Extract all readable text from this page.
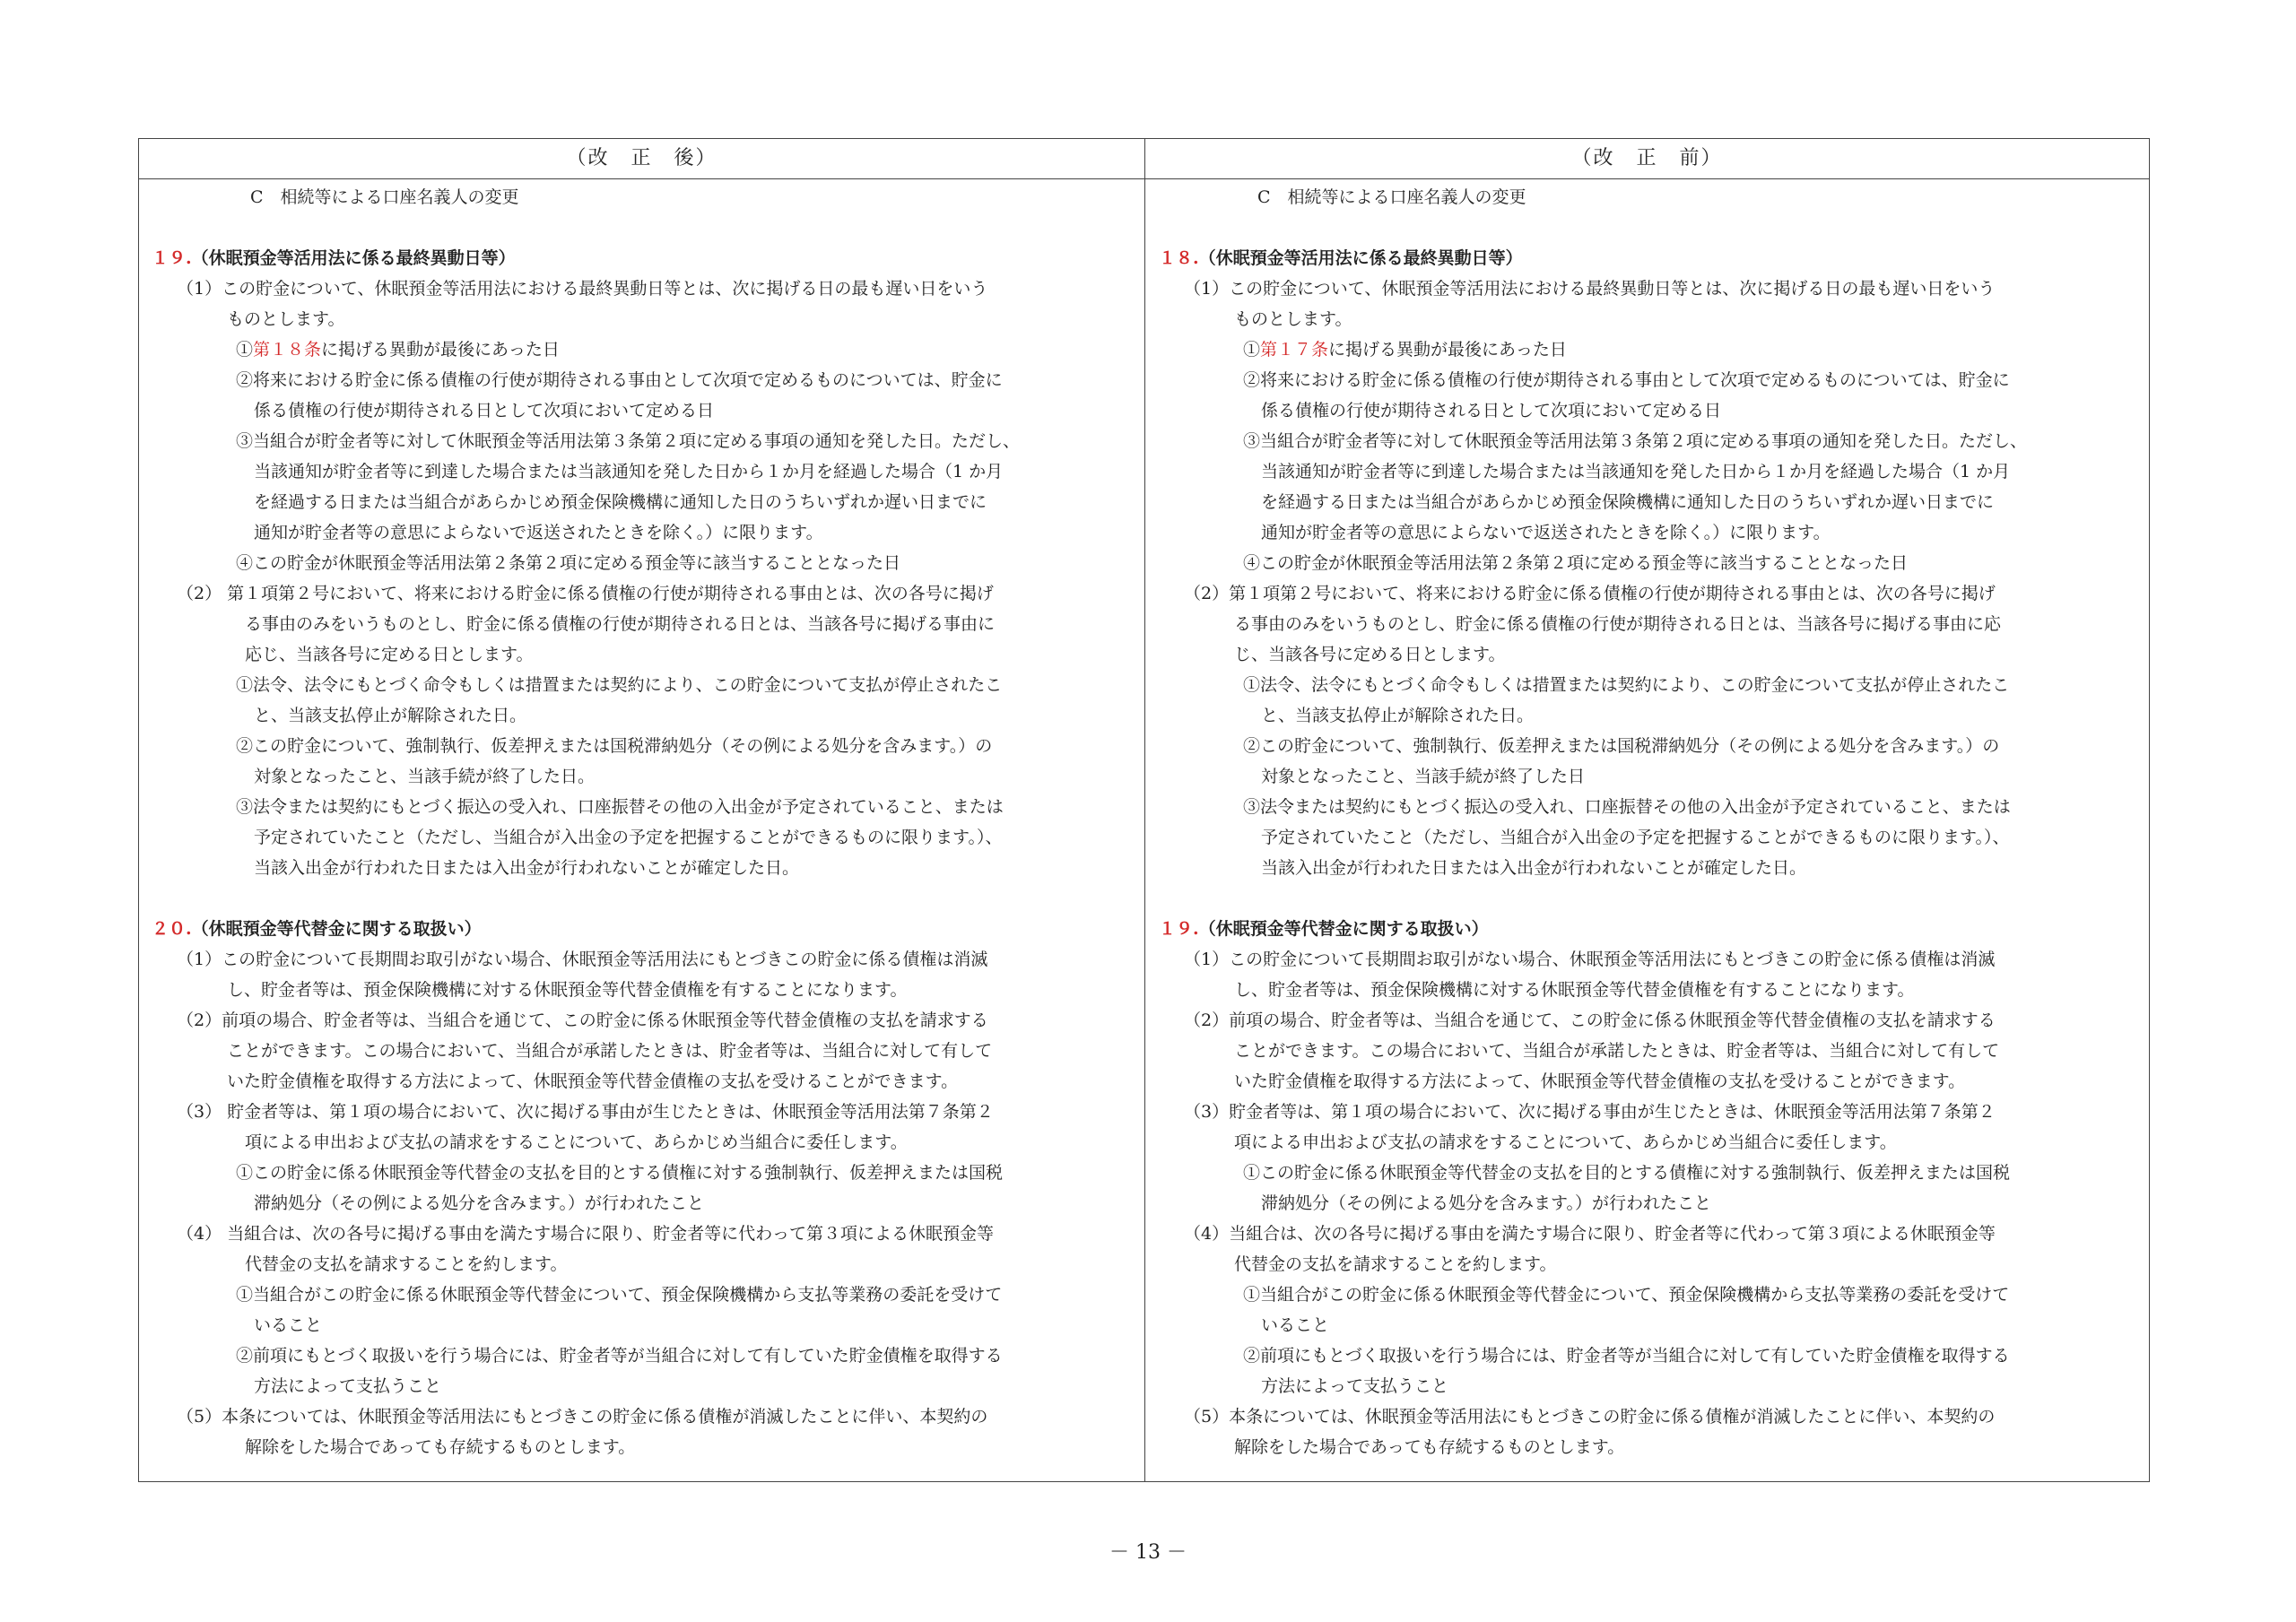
（改　正　後）	（改　正　前）
C　相続等による口座名義人の変更
１９.（休眠預金等活用法に係る最終異動日等）
（1）この貯金について、休眠預金等活用法における最終異動日等とは、次に掲げる日の最も遅い日をいう
ものとします。
①第１８条に掲げる異動が最後にあった日
②将来における貯金に係る債権の行使が期待される事由として次項で定めるものについては、貯金に
係る債権の行使が期待される日として次項において定める日
③当組合が貯金者等に対して休眠預金等活用法第３条第２項に定める事項の通知を発した日。ただし、
当該通知が貯金者等に到達した場合または当該通知を発した日から１か月を経過した場合（1 か月
を経過する日または当組合があらかじめ預金保険機構に通知した日のうちいずれか遅い日までに
通知が貯金者等の意思によらないで返送されたときを除く。）に限ります。
④この貯金が休眠預金等活用法第２条第２項に定める預金等に該当することとなった日
（2） 第１項第２号において、将来における貯金に係る債権の行使が期待される事由とは、次の各号に掲げ
る事由のみをいうものとし、貯金に係る債権の行使が期待される日とは、当該各号に掲げる事由に
応じ、当該各号に定める日とします。
①法令、法令にもとづく命令もしくは措置または契約により、この貯金について支払が停止されたこ
と、当該支払停止が解除された日。
②この貯金について、強制執行、仮差押えまたは国税滞納処分（その例による処分を含みます。）の
対象となったこと、当該手続が終了した日。
③法令または契約にもとづく振込の受入れ、口座振替その他の入出金が予定されていること、または
予定されていたこと（ただし、当組合が入出金の予定を把握することができるものに限ります。）、
当該入出金が行われた日または入出金が行われないことが確定した日。
２０.（休眠預金等代替金に関する取扱い）
（1）この貯金について長期間お取引がない場合、休眠預金等活用法にもとづきこの貯金に係る債権は消滅
し、貯金者等は、預金保険機構に対する休眠預金等代替金債権を有することになります。
（2）前項の場合、貯金者等は、当組合を通じて、この貯金に係る休眠預金等代替金債権の支払を請求する
ことができます。この場合において、当組合が承諾したときは、貯金者等は、当組合に対して有して
いた貯金債権を取得する方法によって、休眠預金等代替金債権の支払を受けることができます。
（3） 貯金者等は、第１項の場合において、次に掲げる事由が生じたときは、休眠預金等活用法第７条第２
項による申出および支払の請求をすることについて、あらかじめ当組合に委任します。
①この貯金に係る休眠預金等代替金の支払を目的とする債権に対する強制執行、仮差押えまたは国税
滞納処分（その例による処分を含みます。）が行われたこと
（4） 当組合は、次の各号に掲げる事由を満たす場合に限り、貯金者等に代わって第３項による休眠預金等
代替金の支払を請求することを約します。
①当組合がこの貯金に係る休眠預金等代替金について、預金保険機構から支払等業務の委託を受けて
いること
②前項にもとづく取扱いを行う場合には、貯金者等が当組合に対して有していた貯金債権を取得する
方法によって支払うこと
（5）本条については、休眠預金等活用法にもとづきこの貯金に係る債権が消滅したことに伴い、本契約の
解除をした場合であっても存続するものとします。
C　相続等による口座名義人の変更
１８.（休眠預金等活用法に係る最終異動日等）
（1）この貯金について、休眠預金等活用法における最終異動日等とは、次に掲げる日の最も遅い日をいう
ものとします。
①第１７条に掲げる異動が最後にあった日
②将来における貯金に係る債権の行使が期待される事由として次項で定めるものについては、貯金に
係る債権の行使が期待される日として次項において定める日
③当組合が貯金者等に対して休眠預金等活用法第３条第２項に定める事項の通知を発した日。ただし、
当該通知が貯金者等に到達した場合または当該通知を発した日から１か月を経過した場合（1 か月
を経過する日または当組合があらかじめ預金保険機構に通知した日のうちいずれか遅い日までに
通知が貯金者等の意思によらないで返送されたときを除く。）に限ります。
④この貯金が休眠預金等活用法第２条第２項に定める預金等に該当することとなった日
（2）第１項第２号において、将来における貯金に係る債権の行使が期待される事由とは、次の各号に掲げ
る事由のみをいうものとし、貯金に係る債権の行使が期待される日とは、当該各号に掲げる事由に応
じ、当該各号に定める日とします。
①法令、法令にもとづく命令もしくは措置または契約により、この貯金について支払が停止されたこ
と、当該支払停止が解除された日。
②この貯金について、強制執行、仮差押えまたは国税滞納処分（その例による処分を含みます。）の
対象となったこと、当該手続が終了した日
③法令または契約にもとづく振込の受入れ、口座振替その他の入出金が予定されていること、または
予定されていたこと（ただし、当組合が入出金の予定を把握することができるものに限ります。）、
当該入出金が行われた日または入出金が行われないことが確定した日。
１９.（休眠預金等代替金に関する取扱い）
（1）この貯金について長期間お取引がない場合、休眠預金等活用法にもとづきこの貯金に係る債権は消滅
し、貯金者等は、預金保険機構に対する休眠預金等代替金債権を有することになります。
（2）前項の場合、貯金者等は、当組合を通じて、この貯金に係る休眠預金等代替金債権の支払を請求する
ことができます。この場合において、当組合が承諾したときは、貯金者等は、当組合に対して有して
いた貯金債権を取得する方法によって、休眠預金等代替金債権の支払を受けることができます。
（3）貯金者等は、第１項の場合において、次に掲げる事由が生じたときは、休眠預金等活用法第７条第２
項による申出および支払の請求をすることについて、あらかじめ当組合に委任します。
①この貯金に係る休眠預金等代替金の支払を目的とする債権に対する強制執行、仮差押えまたは国税
滞納処分（その例による処分を含みます。）が行われたこと
（4）当組合は、次の各号に掲げる事由を満たす場合に限り、貯金者等に代わって第３項による休眠預金等
代替金の支払を請求することを約します。
①当組合がこの貯金に係る休眠預金等代替金について、預金保険機構から支払等業務の委託を受けて
いること
②前項にもとづく取扱いを行う場合には、貯金者等が当組合に対して有していた貯金債権を取得する
方法によって支払うこと
（5）本条については、休眠預金等活用法にもとづきこの貯金に係る債権が消滅したことに伴い、本契約の
解除をした場合であっても存続するものとします。
－ 13 －
